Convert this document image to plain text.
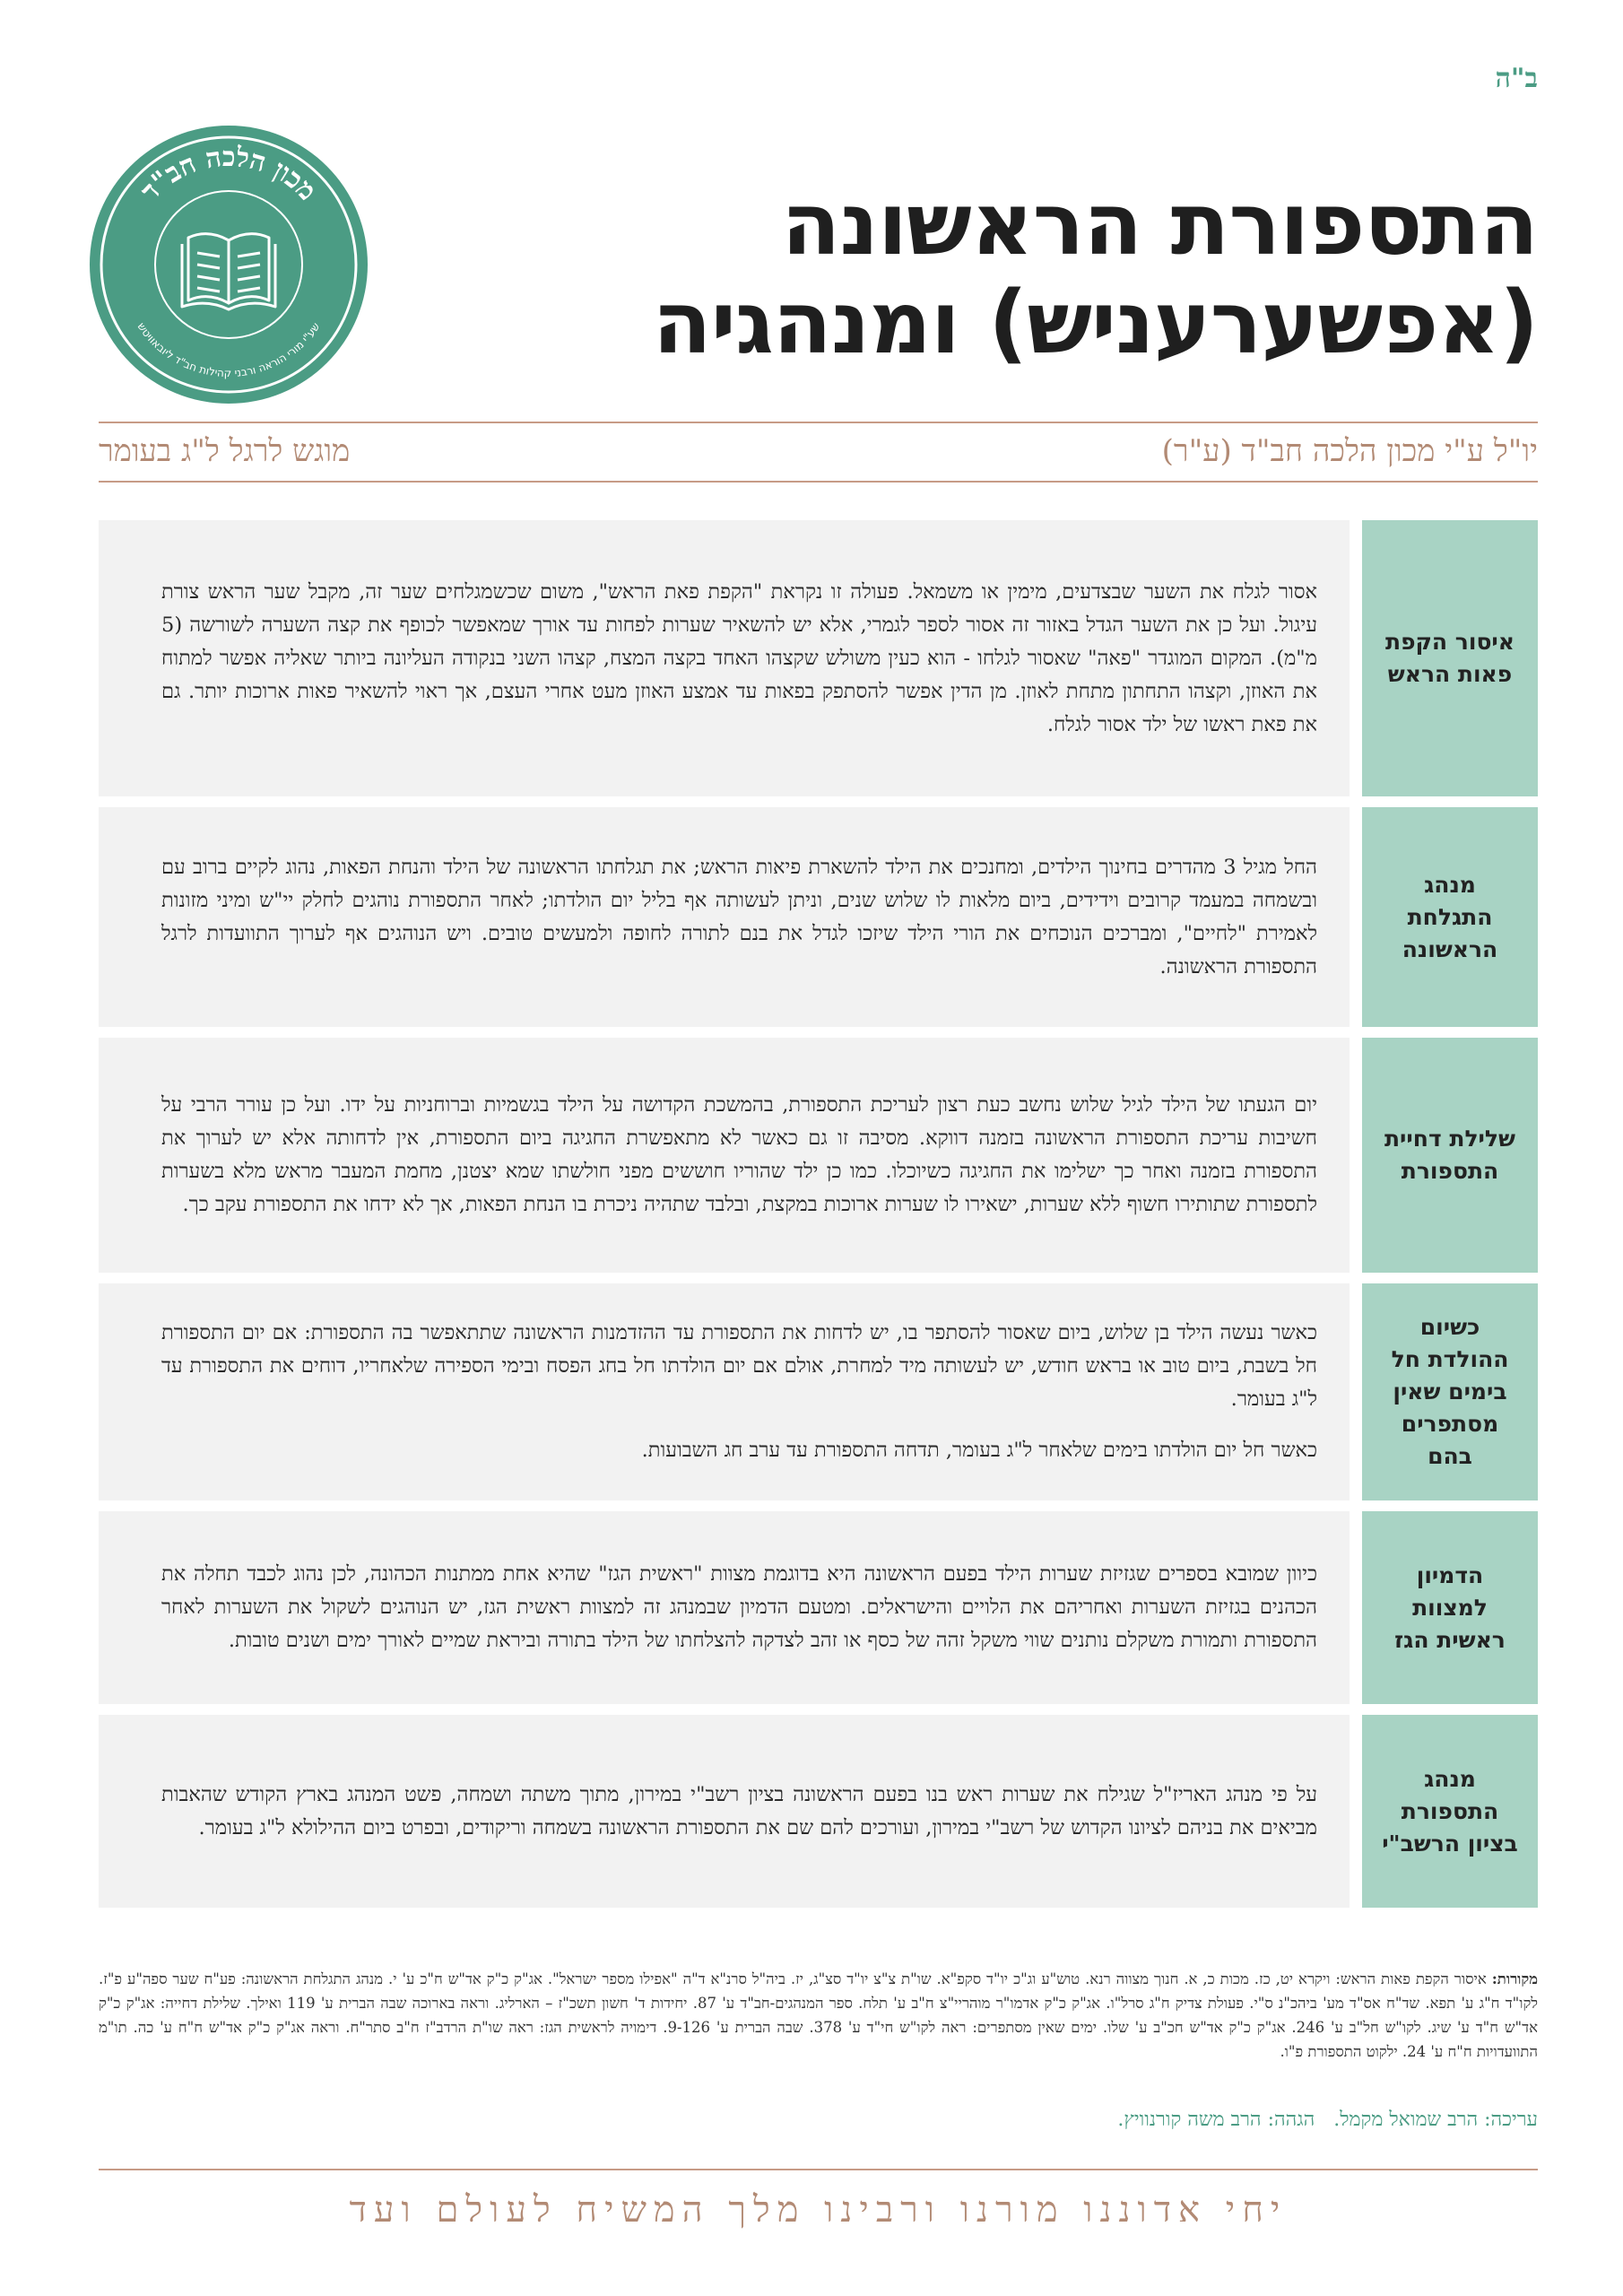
ב"ה
מכון הלכה חב"ד
שע"י מורי הוראה ורבני קהילות חב"ד ליובאוויטש
התספורת הראשונה
(אפשערעניש) ומנהגיה
יו"ל ע"י מכון הלכה חב"ד (ע"ר)
מוגש לרגל ל"ג בעומר
איסור הקפת פאות הראש

אסור לגלח את השער שבצדעים, מימין או משמאל. פעולה זו נקראת "הקפת פאת הראש", משום שכשמגלחים שער זה, מקבל שער הראש צורת עיגול. ועל כן את השער הגדל באזור זה אסור לספר לגמרי, אלא יש להשאיר שערות לפחות עד אורך שמאפשר לכופף את קצה השערה לשורשה (5 מ"מ). המקום המוגדר "פאה" שאסור לגלחו - הוא כעין משולש שקצהו האחד בקצה המצח, קצהו השני בנקודה העליונה ביותר שאליה אפשר למתוח את האוזן, וקצהו התחתון מתחת לאוזן. מן הדין אפשר להסתפק בפאות עד אמצע האוזן מעט אחרי העצם, אך ראוי להשאיר פאות ארוכות יותר. גם את פאת ראשו של ילד אסור לגלח.

מנהג התגלחת הראשונה

החל מגיל 3 מהדרים בחינוך הילדים, ומחנכים את הילד להשארת פיאות הראש; את תגלחתו הראשונה של הילד והנחת הפאות, נהוג לקיים ברוב עם ובשמחה במעמד קרובים וידידים, ביום מלאות לו שלוש שנים, וניתן לעשותה אף בליל יום הולדתו; לאחר התספורת נוהגים לחלק יי"ש ומיני מזונות לאמירת "לחיים", ומברכים הנוכחים את הורי הילד שיזכו לגדל את בנם לתורה לחופה ולמעשים טובים. ויש הנוהגים אף לערוך התוועדות לרגל התספורת הראשונה.

שלילת דחיית התספורת

יום הגעתו של הילד לגיל שלוש נחשב כעת רצון לעריכת התספורת, בהמשכת הקדושה על הילד בגשמיות וברוחניות על ידו. ועל כן עורר הרבי על חשיבות עריכת התספורת הראשונה בזמנה דווקא. מסיבה זו גם כאשר לא מתאפשרת החגיגה ביום התספורת, אין לדחותה אלא יש לערוך את התספורת בזמנה ואחר כך ישלימו את החגיגה כשיוכלו. כמו כן ילד שהוריו חוששים מפני חולשתו שמא יצטנן, מחמת המעבר מראש מלא בשערות לתספורת שתותירו חשוף ללא שערות, ישאירו לו שערות ארוכות במקצת, ובלבד שתהיה ניכרת בו הנחת הפאות, אך לא ידחו את התספורת עקב כך.

כשיום ההולדת חל בימים שאין מסתפרים בהם

כאשר נעשה הילד בן שלוש, ביום שאסור להסתפר בו, יש לדחות את התספורת עד ההזדמנות הראשונה שתתאפשר בה התספורת: אם יום התספורת חל בשבת, ביום טוב או בראש חודש, יש לעשותה מיד למחרת, אולם אם יום הולדתו חל בחג הפסח ובימי הספירה שלאחריו, דוחים את התספורת עד ל"ג בעומר.

כאשר חל יום הולדתו בימים שלאחר ל"ג בעומר, תדחה התספורת עד ערב חג השבועות.

הדמיון למצוות ראשית הגז

כיוון שמובא בספרים שגזיזת שערות הילד בפעם הראשונה היא בדוגמת מצוות "ראשית הגז" שהיא אחת ממתנות הכהונה, לכן נהוג לכבד תחלה את הכהנים בגזיזת השערות ואחריהם את הלויים והישראלים. ומטעם הדמיון שבמנהג זה למצוות ראשית הגז, יש הנוהגים לשקול את השערות לאחר התספורת ותמורת משקלם נותנים שווי משקל זהה של כסף או זהב לצדקה להצלחתו של הילד בתורה וביראת שמיים לאורך ימים ושנים טובות.

מנהג התספורת בציון הרשב"י

על פי מנהג האריז"ל שגילח את שערות ראש בנו בפעם הראשונה בציון רשב"י במירון, מתוך משתה ושמחה, פשט המנהג בארץ הקודש שהאבות מביאים את בניהם לציונו הקדוש של רשב"י במירון, ועורכים להם שם את התספורת הראשונה בשמחה וריקודים, ובפרט ביום ההילולא ל"ג בעומר.

מקורות: איסור הקפת פאות הראש: ויקרא יט, כז. מכות כ, א. חנוך מצווה רנא. טוש"ע וג"כ יו"ד סקפ"א. שו"ת צ"צ יו"ד סצ"ג, יז. ביה"ל סרנ"א ד"ה "אפילו מספר ישראל". אג"ק כ"ק אד"ש ח"כ ע' י. מנהג התגלחת הראשונה: פע"ח שער ספה"ע פ"ז. לקו"ד ח"ג ע' תפא. שד"ח אס"ד מע' ביהכ"נ ס"י. פעולת צדיק ח"ג סרל"ו. אג"ק כ"ק אדמו"ר מוהריי"צ ח"ב ע' תלח. ספר המנהגים-חב"ד ע' 87. יחידות ד' חשון תשכ"ז – הארליג. וראה בארוכה שבה הברית ע' 119 ואילך. שלילת דחייה: אג"ק כ"ק אד"ש ח"ד ע' שיג. לקו"ש חל"ב ע' 246. אג"ק כ"ק אד"ש חכ"ב ע' שלו. ימים שאין מסתפרים: ראה לקו"ש חי"ד ע' 378. שבה הברית ע' 9-126. דימויה לראשית הגז: ראה שו"ת הרדב"ז ח"ב סתר"ח. וראה אג"ק כ"ק אד"ש ח"ח ע' כה. תו"מ התוועדויות ח"ח ע' 24. ילקוט התספורת פ"ו.
עריכה: הרב שמואל מקמל. הגהה: הרב משה קורנוויץ.
יחי אדוננו מורנו ורבינו מלך המשיח לעולם ועד
